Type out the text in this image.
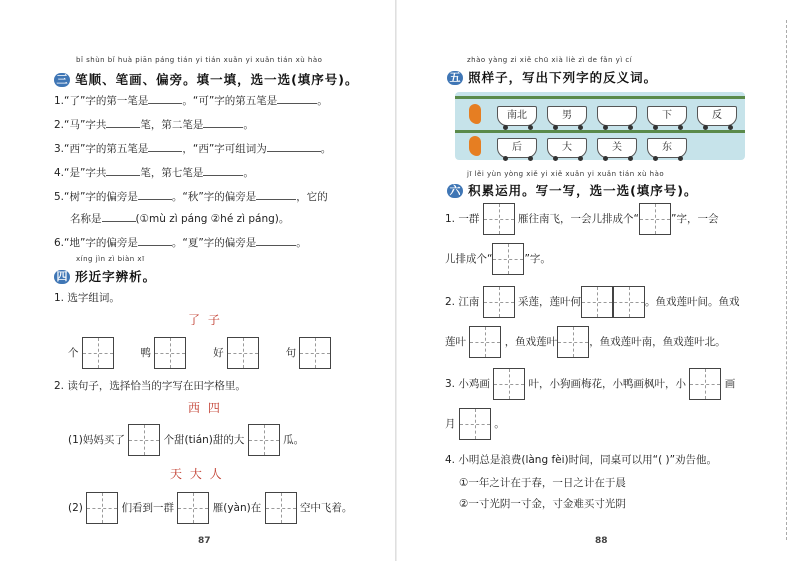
bǐ shùn bǐ huà piān páng tián yi tián xuǎn yi xuǎn tián xù hào
三 笔顺、笔画、偏旁。填一填，选一选(填序号)。
1.“了”字的第一笔是	。“可”字的第五笔是	。
2.“马”字共	笔，第二笔是	。
3.“西”字的第五笔是	，“西”字可组词为	。
4.“是”字共	笔，第七笔是	。
5.“树”字的偏旁是	。“秋”字的偏旁是	，它的
名称是	(①mù zì páng ②hé zì páng)。
6.“地”字的偏旁是	。“夏”字的偏旁是	。
xíng jìn zì biàn xī
四 形近字辨析。
1. 选字组词。
了 子
个	鸭	好	句
2. 读句子，选择恰当的字写在田字格里。
西 四
(1)妈妈买了	个甜(tián)甜的大	瓜。
天 大 人
(2)	们看到一群	雁(yàn)在	空中飞着。
87
zhào yàng zi xiě chū xià liè zì de fǎn yì cí
五 照样子，写出下列字的反义词。
南北	男	下	反
后	大	关	东
jī lěi yùn yòng xiě yi xiě xuǎn yi xuǎn tián xù hào
六 积累运用。写一写，选一选(填序号)。
1. 一群	雁往南飞，一会儿排成个“	”字，一会
儿排成个“	”字。
2. 江南	采莲，莲叶何	。鱼戏莲叶间。鱼戏
莲叶	，鱼戏莲叶	，鱼戏莲叶南，鱼戏莲叶北。
3. 小鸡画	叶，小狗画梅花，小鸭画枫叶，小	画
月	。
4. 小明总是浪费(làng fèi)时间，同桌可以用“( )”劝告他。
①一年之计在于春，一日之计在于晨
②一寸光阴一寸金，寸金难买寸光阴
88
